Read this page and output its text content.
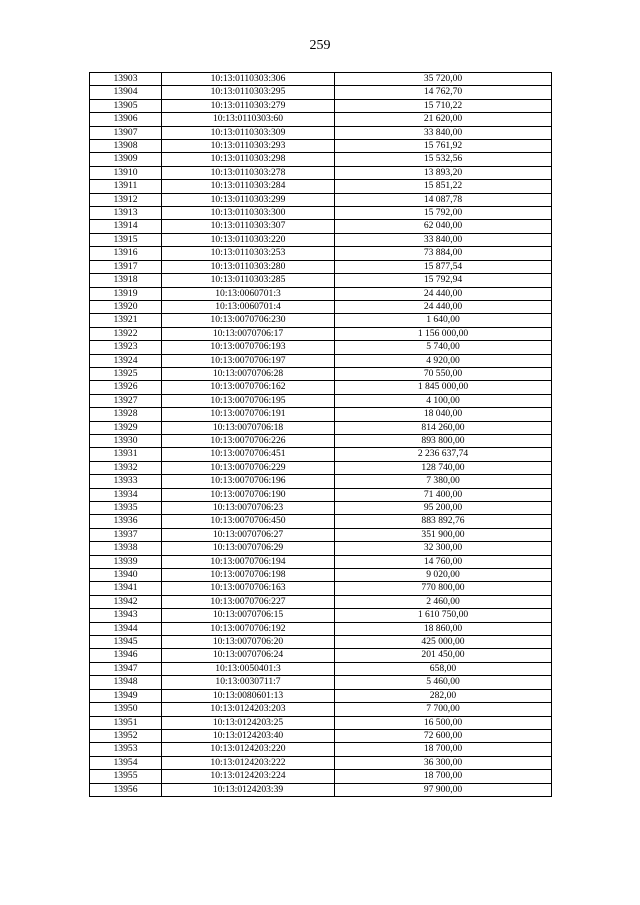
259
13903	10:13:0110303:306	35 720,00
13904	10:13:0110303:295	14 762,70
13905	10:13:0110303:279	15 710,22
13906	10:13:0110303:60	21 620,00
13907	10:13:0110303:309	33 840,00
13908	10:13:0110303:293	15 761,92
13909	10:13:0110303:298	15 532,56
13910	10:13:0110303:278	13 893,20
13911	10:13:0110303:284	15 851,22
13912	10:13:0110303:299	14 087,78
13913	10:13:0110303:300	15 792,00
13914	10:13:0110303:307	62 040,00
13915	10:13:0110303:220	33 840,00
13916	10:13:0110303:253	73 884,00
13917	10:13:0110303:280	15 877,54
13918	10:13:0110303:285	15 792,94
13919	10:13:0060701:3	24 440,00
13920	10:13:0060701:4	24 440,00
13921	10:13:0070706:230	1 640,00
13922	10:13:0070706:17	1 156 000,00
13923	10:13:0070706:193	5 740,00
13924	10:13:0070706:197	4 920,00
13925	10:13:0070706:28	70 550,00
13926	10:13:0070706:162	1 845 000,00
13927	10:13:0070706:195	4 100,00
13928	10:13:0070706:191	18 040,00
13929	10:13:0070706:18	814 260,00
13930	10:13:0070706:226	893 800,00
13931	10:13:0070706:451	2 236 637,74
13932	10:13:0070706:229	128 740,00
13933	10:13:0070706:196	7 380,00
13934	10:13:0070706:190	71 400,00
13935	10:13:0070706:23	95 200,00
13936	10:13:0070706:450	883 892,76
13937	10:13:0070706:27	351 900,00
13938	10:13:0070706:29	32 300,00
13939	10:13:0070706:194	14 760,00
13940	10:13:0070706:198	9 020,00
13941	10:13:0070706:163	770 800,00
13942	10:13:0070706:227	2 460,00
13943	10:13:0070706:15	1 610 750,00
13944	10:13:0070706:192	18 860,00
13945	10:13:0070706:20	425 000,00
13946	10:13:0070706:24	201 450,00
13947	10:13:0050401:3	658,00
13948	10:13:0030711:7	5 460,00
13949	10:13:0080601:13	282,00
13950	10:13:0124203:203	7 700,00
13951	10:13:0124203:25	16 500,00
13952	10:13:0124203:40	72 600,00
13953	10:13:0124203:220	18 700,00
13954	10:13:0124203:222	36 300,00
13955	10:13:0124203:224	18 700,00
13956	10:13:0124203:39	97 900,00
